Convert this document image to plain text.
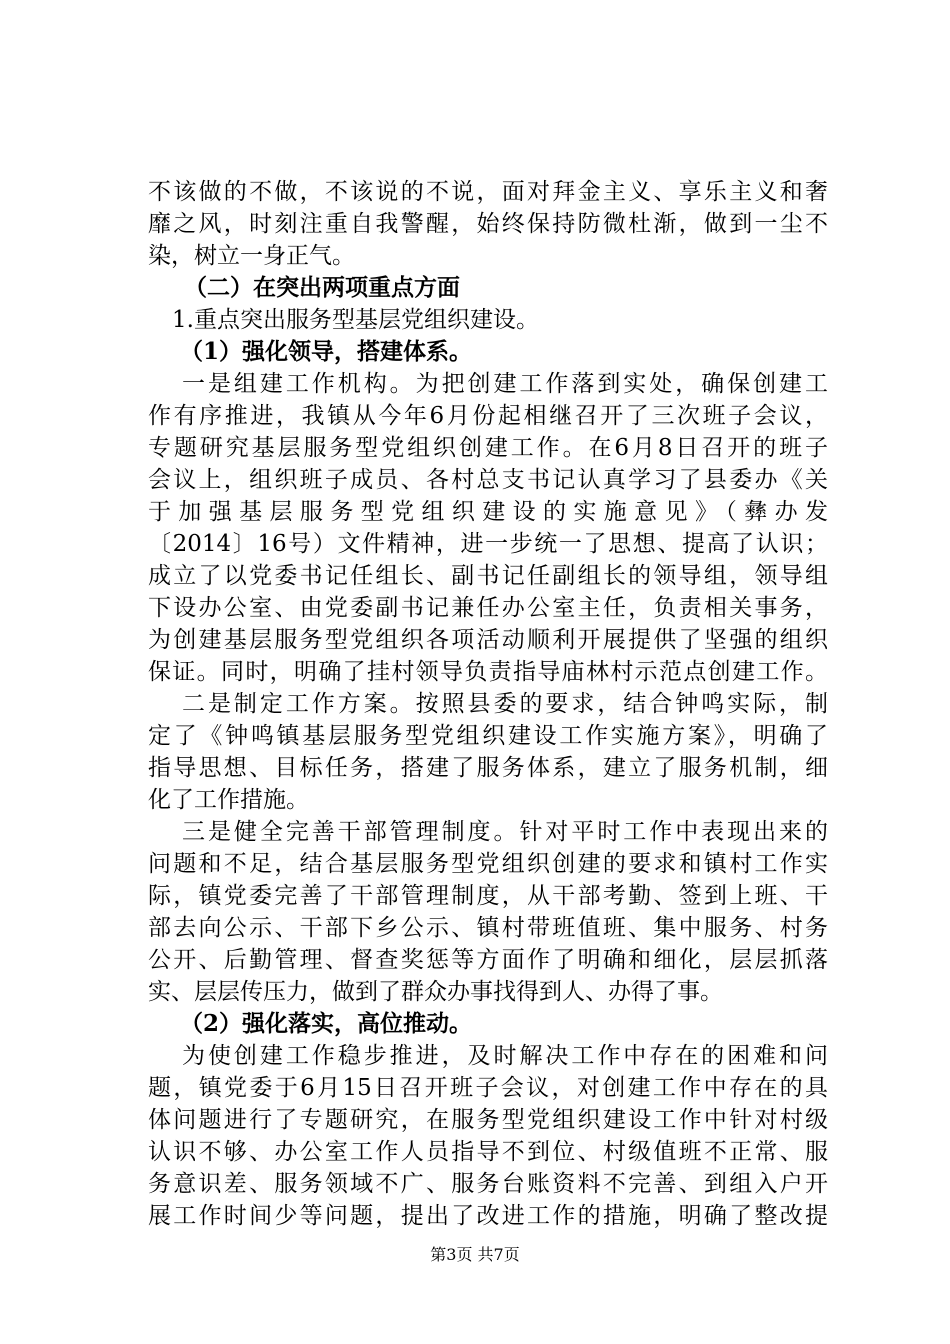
不该做的不做，不该说的不说，面对拜金主义、享乐主义和奢
靡之风，时刻注重自我警醒，始终保持防微杜渐，做到一尘不
染，树立一身正气。
（二）在突出两项重点方面
1.重点突出服务型基层党组织建设。
（1）强化领导，搭建体系。
一是组建工作机构。为把创建工作落到实处，确保创建工
作有序推进，我镇从今年6月份起相继召开了三次班子会议，
专题研究基层服务型党组织创建工作。在6月8日召开的班子
会议上，组织班子成员、各村总支书记认真学习了县委办《关
于加强基层服务型党组织建设的实施意见》（彝办发
〔2014〕16号）文件精神，进一步统一了思想、提高了认识；
成立了以党委书记任组长、副书记任副组长的领导组，领导组
下设办公室、由党委副书记兼任办公室主任，负责相关事务，
为创建基层服务型党组织各项活动顺利开展提供了坚强的组织
保证。同时，明确了挂村领导负责指导庙林村示范点创建工作。
二是制定工作方案。按照县委的要求，结合钟鸣实际，制
定了《钟鸣镇基层服务型党组织建设工作实施方案》，明确了
指导思想、目标任务，搭建了服务体系，建立了服务机制，细
化了工作措施。
三是健全完善干部管理制度。针对平时工作中表现出来的
问题和不足，结合基层服务型党组织创建的要求和镇村工作实
际，镇党委完善了干部管理制度，从干部考勤、签到上班、干
部去向公示、干部下乡公示、镇村带班值班、集中服务、村务
公开、后勤管理、督查奖惩等方面作了明确和细化，层层抓落
实、层层传压力，做到了群众办事找得到人、办得了事。
（2）强化落实，高位推动。
为使创建工作稳步推进，及时解决工作中存在的困难和问
题，镇党委于6月15日召开班子会议，对创建工作中存在的具
体问题进行了专题研究，在服务型党组织建设工作中针对村级
认识不够、办公室工作人员指导不到位、村级值班不正常、服
务意识差、服务领域不广、服务台账资料不完善、到组入户开
展工作时间少等问题，提出了改进工作的措施，明确了整改提
第3页 共7页
